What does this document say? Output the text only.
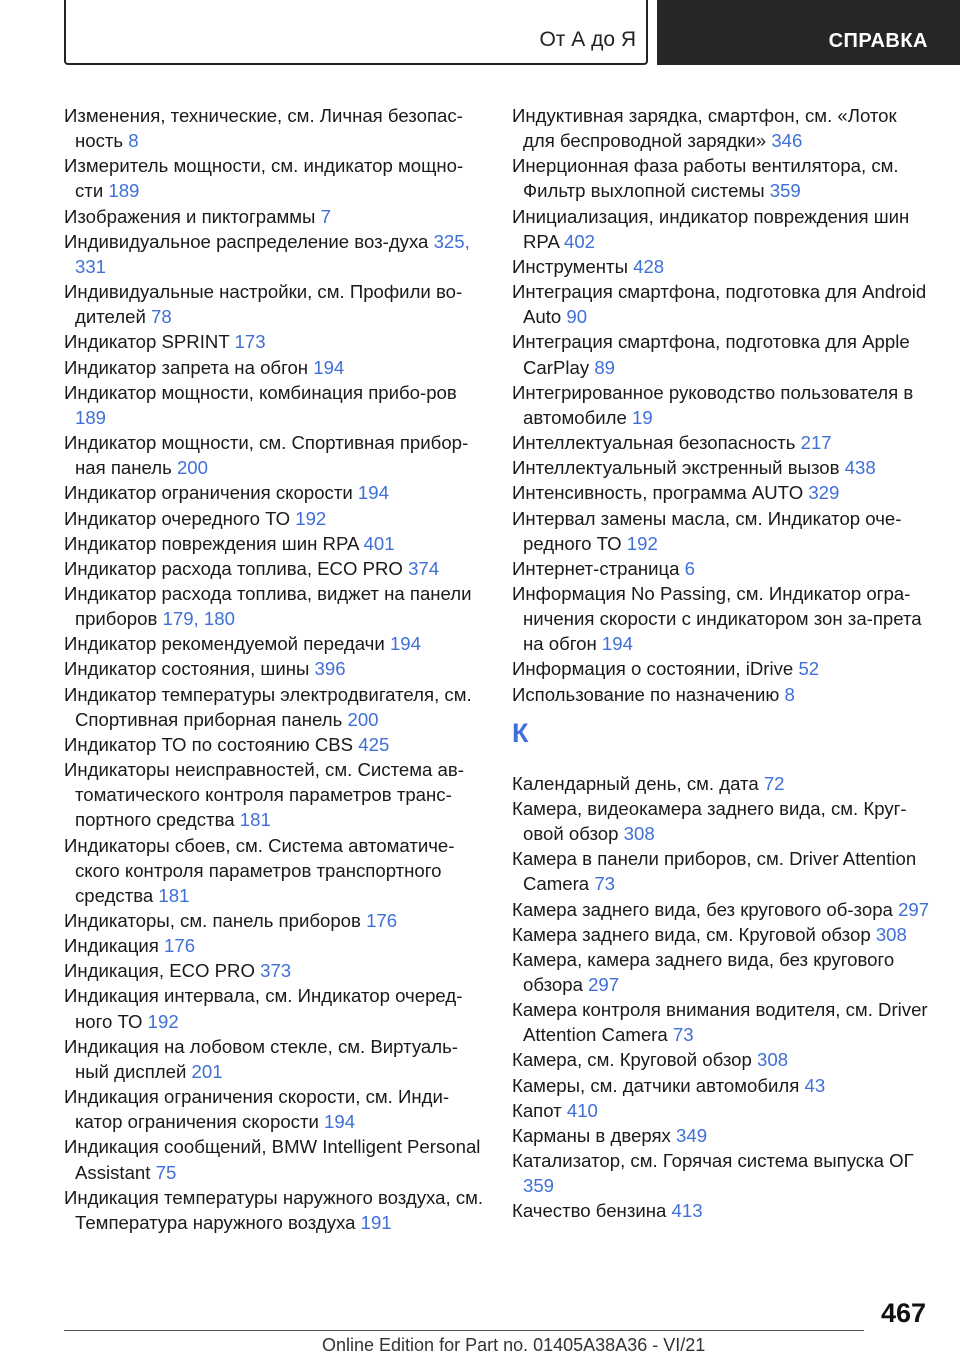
От А до Я	СПРАВКА
Изменения, технические, см. Личная безопас-ность 8
Измеритель мощности, см. индикатор мощно-сти 189
Изображения и пиктограммы 7
Индивидуальное распределение воз-духа 325, 331
Индивидуальные настройки, см. Профили во-дителей 78
Индикатор SPRINT 173
Индикатор запрета на обгон 194
Индикатор мощности, комбинация прибо-ров 189
Индикатор мощности, см. Спортивная прибор-ная панель 200
Индикатор ограничения скорости 194
Индикатор очередного ТО 192
Индикатор повреждения шин RPA 401
Индикатор расхода топлива, ECO PRO 374
Индикатор расхода топлива, виджет на панели приборов 179, 180
Индикатор рекомендуемой передачи 194
Индикатор состояния, шины 396
Индикатор температуры электродвигателя, см. Спортивная приборная панель 200
Индикатор ТО по состоянию CBS 425
Индикаторы неисправностей, см. Система ав-томатического контроля параметров транс-портного средства 181
Индикаторы сбоев, см. Система автоматиче-ского контроля параметров транспортного средства 181
Индикаторы, см. панель приборов 176
Индикация 176
Индикация, ECO PRO 373
Индикация интервала, см. Индикатор очеред-ного ТО 192
Индикация на лобовом стекле, см. Виртуаль-ный дисплей 201
Индикация ограничения скорости, см. Инди-катор ограничения скорости 194
Индикация сообщений, BMW Intelligent Personal Assistant 75
Индикация температуры наружного воздуха, см. Температура наружного воздуха 191
Индуктивная зарядка, смартфон, см. «Лоток для беспроводной зарядки» 346
Инерционная фаза работы вентилятора, см. Фильтр выхлопной системы 359
Инициализация, индикатор повреждения шин RPA 402
Инструменты 428
Интеграция смартфона, подготовка для Android Auto 90
Интеграция смартфона, подготовка для Apple CarPlay 89
Интегрированное руководство пользователя в автомобиле 19
Интеллектуальная безопасность 217
Интеллектуальный экстренный вызов 438
Интенсивность, программа AUTO 329
Интервал замены масла, см. Индикатор оче-редного ТО 192
Интернет-страница 6
Информация No Passing, см. Индикатор огра-ничения скорости с индикатором зон за-прета на обгон 194
Информация о состоянии, iDrive 52
Использование по назначению 8
К
Календарный день, см. дата 72
Камера, видеокамера заднего вида, см. Круг-овой обзор 308
Камера в панели приборов, см. Driver Attention Camera 73
Камера заднего вида, без кругового об-зора 297
Камера заднего вида, см. Круговой обзор 308
Камера, камера заднего вида, без кругового обзора 297
Камера контроля внимания водителя, см. Driver Attention Camera 73
Камера, см. Круговой обзор 308
Камеры, см. датчики автомобиля 43
Капот 410
Карманы в дверях 349
Катализатор, см. Горячая система выпуска ОГ 359
Качество бензина 413
467
Online Edition for Part no. 01405A38A36 - VI/21
